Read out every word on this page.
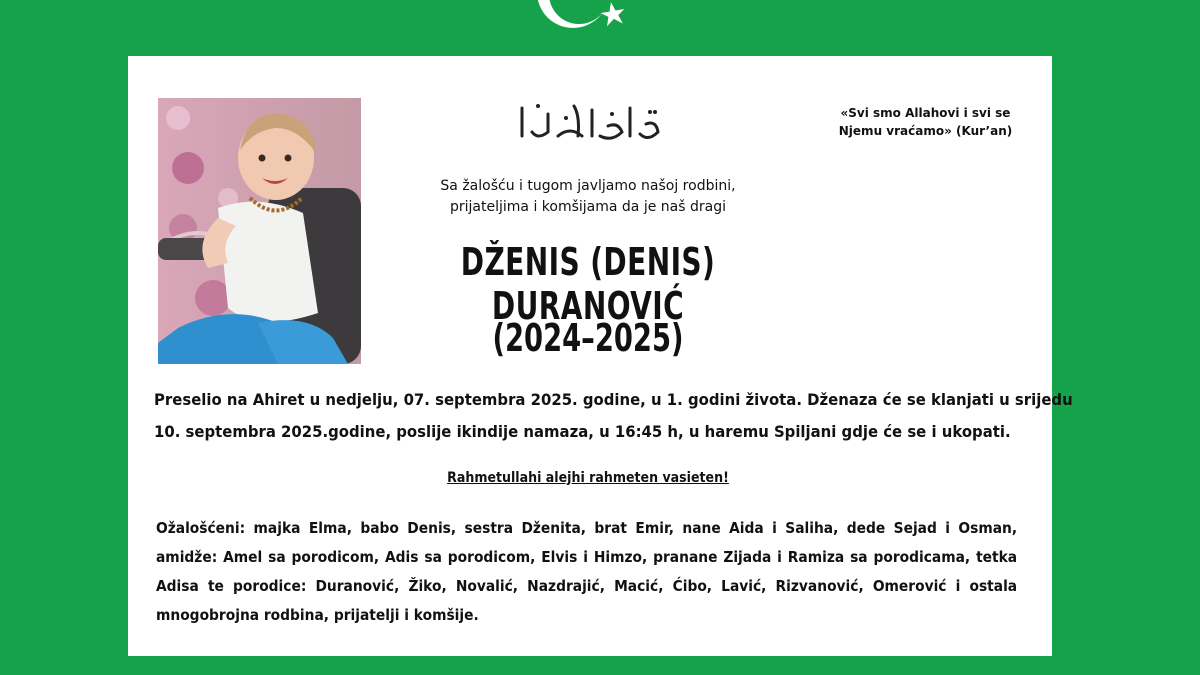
«Svi smo Allahovi i svi se Njemu vraćamo» (Kur’an)
Sa žalošću i tugom javljamo našoj rodbini,
prijateljima i komšijama da je naš dragi
DŽENIS (DENIS) DURANOVIĆ
(2024–2025)
Preselio na Ahiret u nedjelju, 07. septembra 2025. godine, u 1. godini života. Dženaza će se klanjati u srijedu
10. septembra 2025.godine, poslije ikindije namaza, u 16:45 h, u haremu Spiljani gdje će se i ukopati.
Rahmetullahi alejhi rahmeten vasieten!
Ožalošćeni: majka Elma, babo Denis, sestra Dženita, brat Emir, nane Aida i Saliha, dede Sejad i Osman, amidže: Amel sa porodicom, Adis sa porodicom, Elvis i Himzo, pranane Zijada i Ramiza sa porodicama, tetka Adisa te porodice: Duranović, Žiko, Novalić, Nazdrajić, Macić, Ćibo, Lavić, Rizvanović, Omerović i ostala mnogobrojna rodbina, prijatelji i komšije.
